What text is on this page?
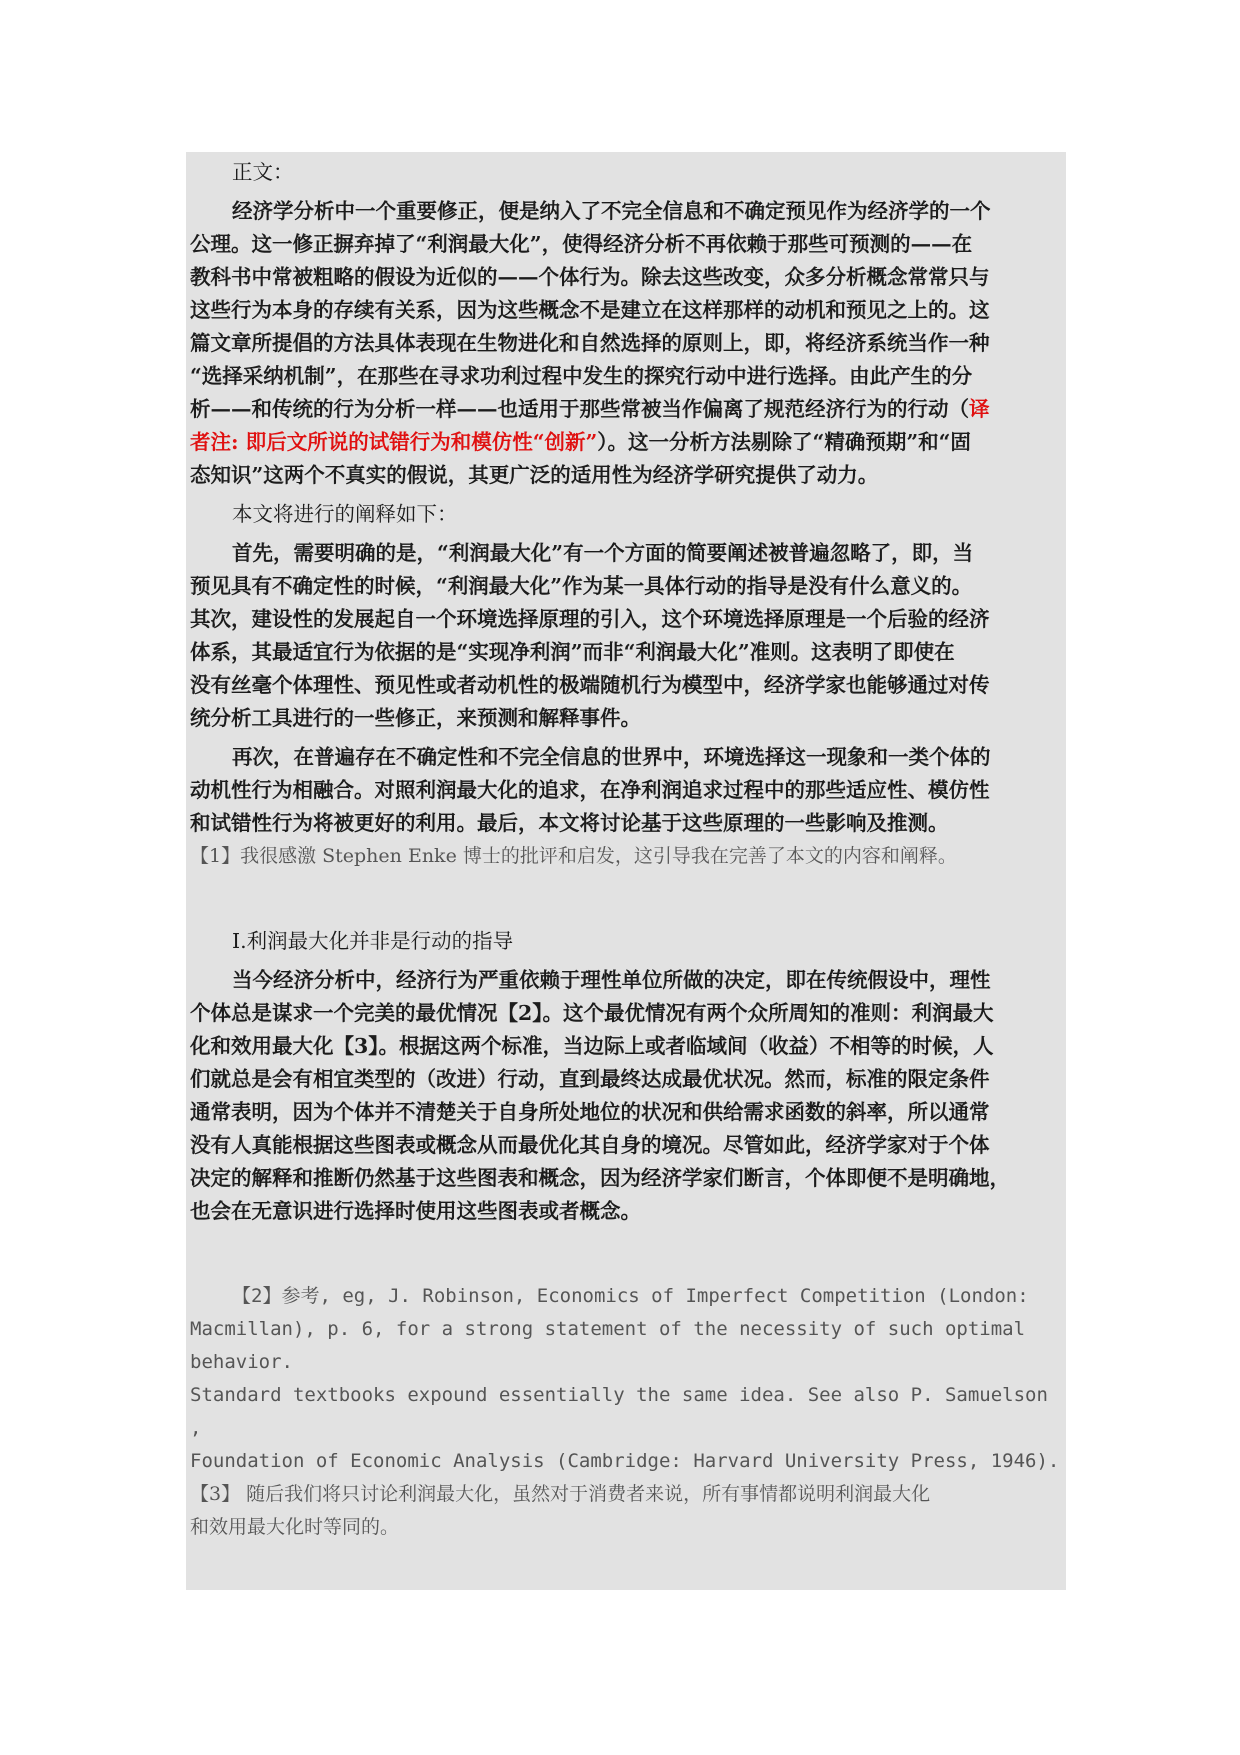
正文：
经济学分析中一个重要修正，便是纳入了不完全信息和不确定预见作为经济学的一个
公理。这一修正摒弃掉了“利润最大化”，使得经济分析不再依赖于那些可预测的——在
教科书中常被粗略的假设为近似的——个体行为。除去这些改变，众多分析概念常常只与
这些行为本身的存续有关系，因为这些概念不是建立在这样那样的动机和预见之上的。这
篇文章所提倡的方法具体表现在生物进化和自然选择的原则上，即，将经济系统当作一种
“选择采纳机制”，在那些在寻求功利过程中发生的探究行动中进行选择。由此产生的分
析——和传统的行为分析一样——也适用于那些常被当作偏离了规范经济行为的行动（译
者注: 即后文所说的试错行为和模仿性“创新”）。这一分析方法剔除了“精确预期”和“固
态知识”这两个不真实的假说，其更广泛的适用性为经济学研究提供了动力。
本文将进行的阐释如下：
首先，需要明确的是，“利润最大化”有一个方面的简要阐述被普遍忽略了，即，当
预见具有不确定性的时候，“利润最大化”作为某一具体行动的指导是没有什么意义的。
其次，建设性的发展起自一个环境选择原理的引入，这个环境选择原理是一个后验的经济
体系，其最适宜行为依据的是“实现净利润”而非“利润最大化”准则。这表明了即使在
没有丝毫个体理性、预见性或者动机性的极端随机行为模型中，经济学家也能够通过对传
统分析工具进行的一些修正，来预测和解释事件。
再次，在普遍存在不确定性和不完全信息的世界中，环境选择这一现象和一类个体的
动机性行为相融合。对照利润最大化的追求，在净利润追求过程中的那些适应性、模仿性
和试错性行为将被更好的利用。最后，本文将讨论基于这些原理的一些影响及推测。
【1】我很感激 Stephen Enke 博士的批评和启发，这引导我在完善了本文的内容和阐释。
I.利润最大化并非是行动的指导
当今经济分析中，经济行为严重依赖于理性单位所做的决定，即在传统假设中，理性
个体总是谋求一个完美的最优情况【2】。这个最优情况有两个众所周知的准则：利润最大
化和效用最大化【3】。根据这两个标准，当边际上或者临域间（收益）不相等的时候，人
们就总是会有相宜类型的（改进）行动，直到最终达成最优状况。然而，标准的限定条件
通常表明，因为个体并不清楚关于自身所处地位的状况和供给需求函数的斜率，所以通常
没有人真能根据这些图表或概念从而最优化其自身的境况。尽管如此，经济学家对于个体
决定的解释和推断仍然基于这些图表和概念，因为经济学家们断言，个体即便不是明确地，
也会在无意识进行选择时使用这些图表或者概念。
【2】参考, eg, J. Robinson, Economics of Imperfect Competition (London:
Macmillan), p. 6, for a strong statement of the necessity of such optimal behavior.
Standard textbooks expound essentially the same idea. See also P. Samuelson ,
Foundation of Economic Analysis (Cambridge: Harvard University Press, 1946).
【3】 随后我们将只讨论利润最大化，虽然对于消费者来说，所有事情都说明利润最大化
和效用最大化时等同的。
